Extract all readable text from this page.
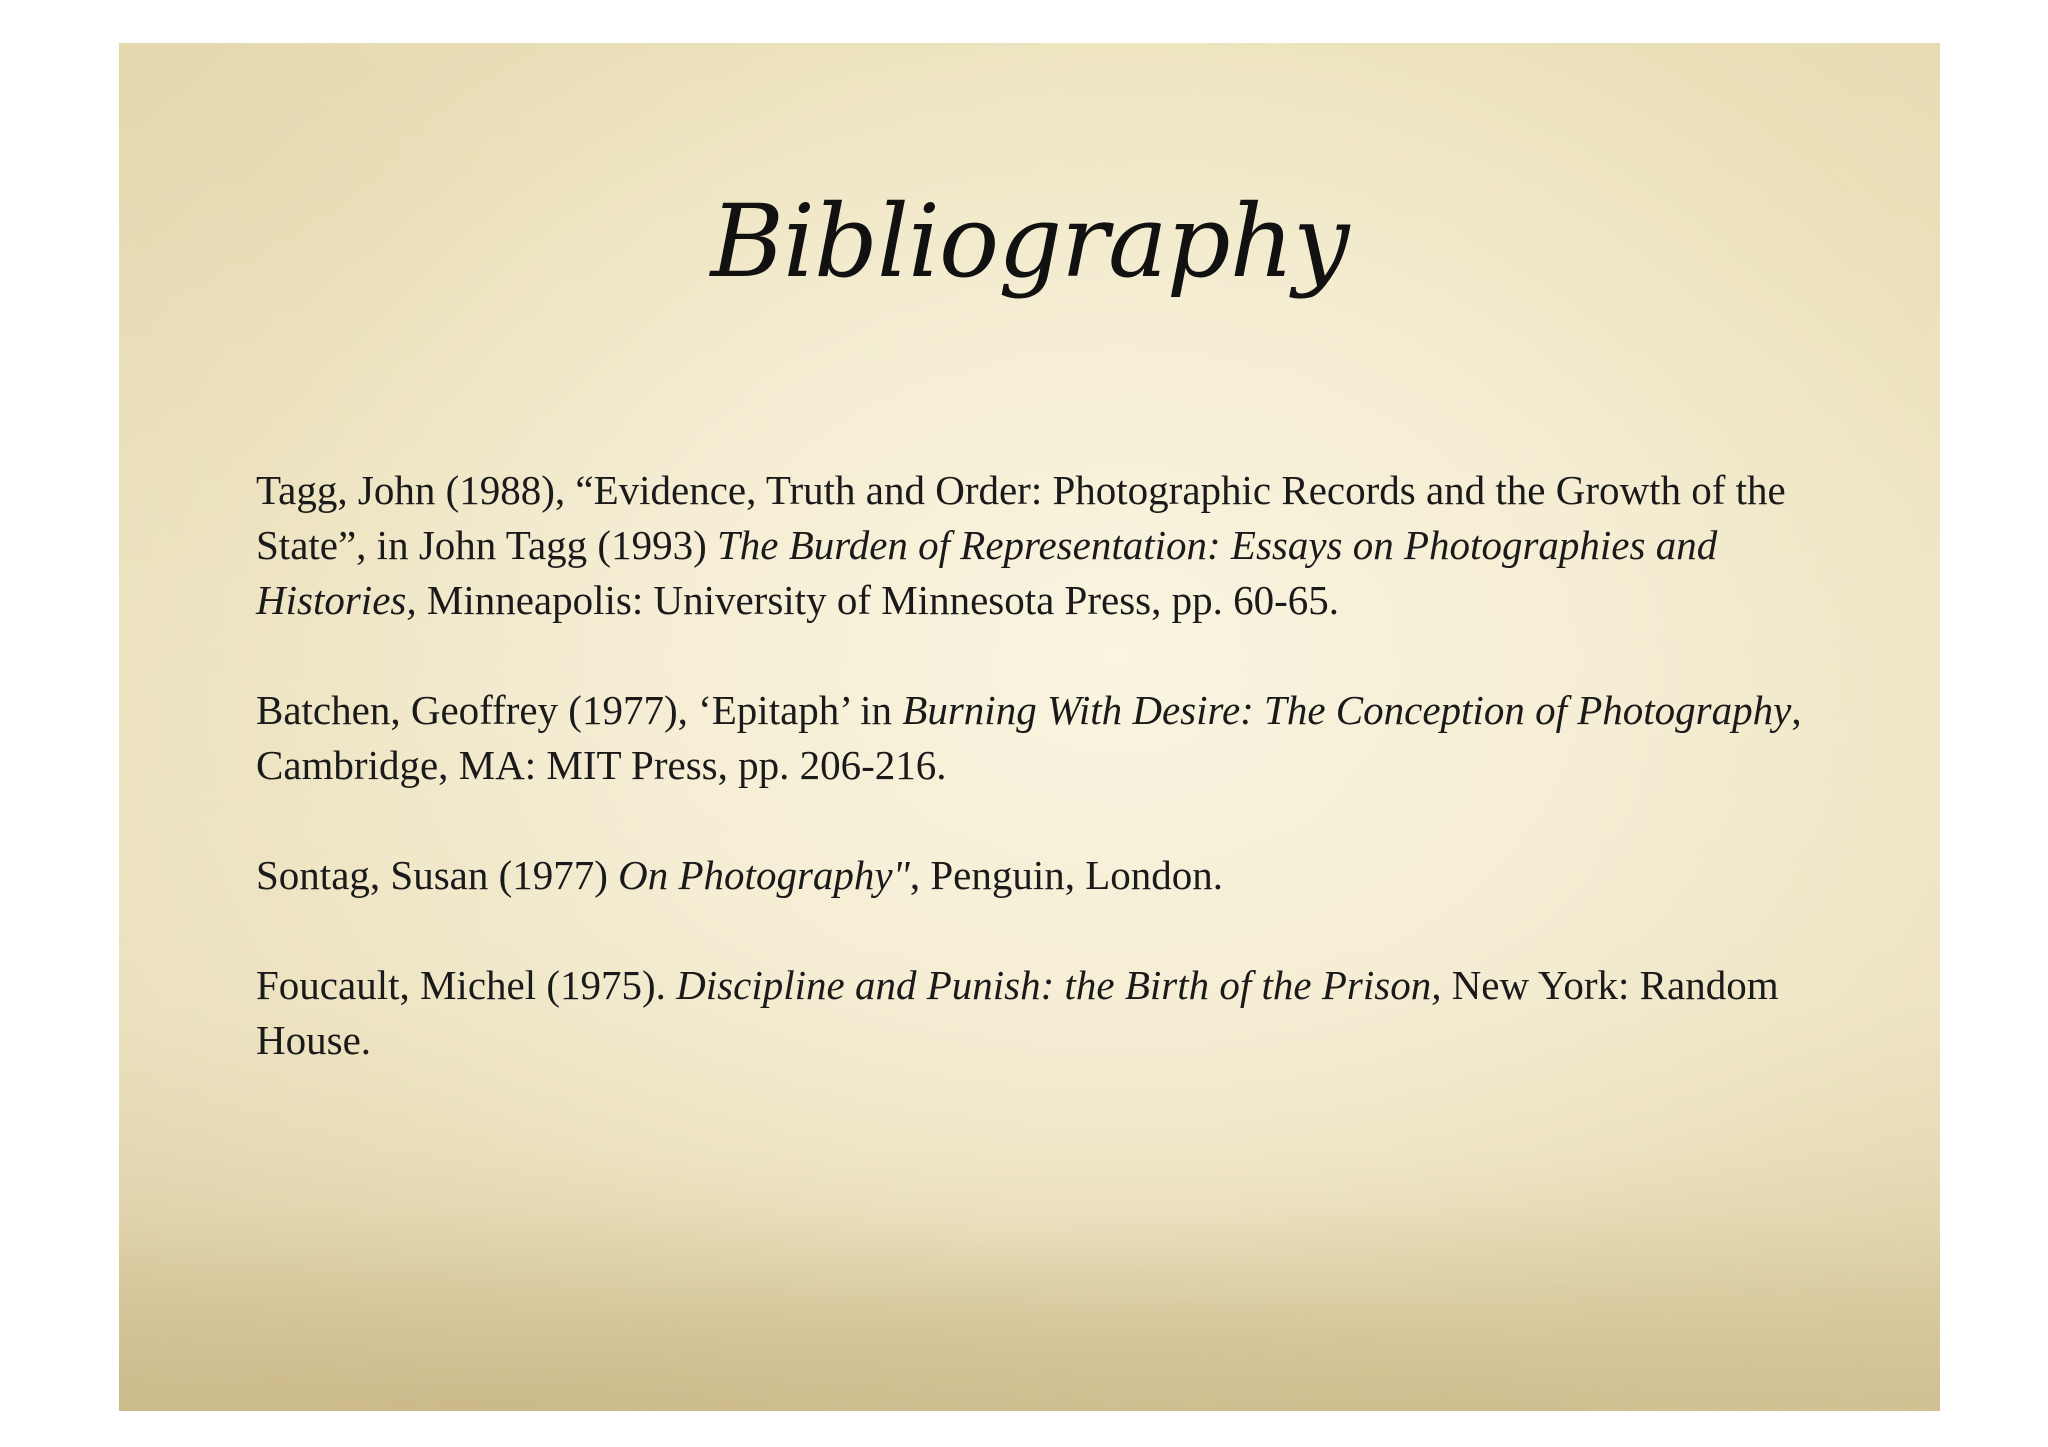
Bibliography

Tagg, John (1988), “Evidence, Truth and Order: Photographic Records and the Growth of the State”, in John Tagg (1993) The Burden of Representation: Essays on Photographies and Histories, Minneapolis: University of Minnesota Press, pp. 60-65.

Batchen, Geoffrey (1977), ‘Epitaph’ in Burning With Desire: The Conception of Photography, Cambridge, MA: MIT Press, pp. 206-216.

Sontag, Susan (1977) On Photography", Penguin, London.

Foucault, Michel (1975). Discipline and Punish: the Birth of the Prison, New York: Random House.
